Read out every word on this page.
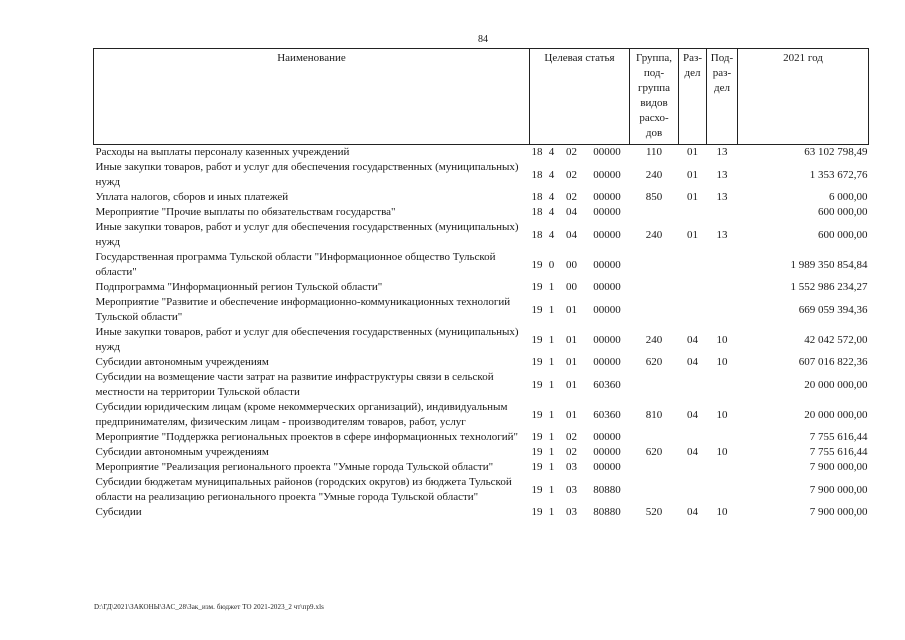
84
Наименование	Целевая статья				Группа, под- группа видов расхо- дов	Раз- дел	Под- раз- дел	2021 год
Расходы на выплаты персоналу казенных учреждений	18	4	02	00000	110	01	13	63 102 798,49
Иные закупки товаров, работ и услуг для обеспечения государственных (муниципальных) нужд	18	4	02	00000	240	01	13	1 353 672,76
Уплата налогов, сборов и иных платежей	18	4	02	00000	850	01	13	6 000,00
Мероприятие "Прочие выплаты по обязательствам государства"	18	4	04	00000				600 000,00
Иные закупки товаров, работ и услуг для обеспечения государственных (муниципальных) нужд	18	4	04	00000	240	01	13	600 000,00
Государственная программа Тульской области "Информационное общество Тульской области"	19	0	00	00000				1 989 350 854,84
Подпрограмма "Информационный регион Тульской области"	19	1	00	00000				1 552 986 234,27
Мероприятие "Развитие и обеспечение информационно-коммуникационных технологий Тульской области"	19	1	01	00000				669 059 394,36
Иные закупки товаров, работ и услуг для обеспечения государственных (муниципальных) нужд	19	1	01	00000	240	04	10	42 042 572,00
Субсидии автономным учреждениям	19	1	01	00000	620	04	10	607 016 822,36
Субсидии на возмещение части затрат на развитие инфраструктуры связи в сельской местности на территории Тульской области	19	1	01	60360				20 000 000,00
Субсидии юридическим лицам (кроме некоммерческих организаций), индивидуальным предпринимателям, физическим лицам - производителям товаров, работ, услуг	19	1	01	60360	810	04	10	20 000 000,00
Мероприятие "Поддержка региональных проектов в сфере информационных технологий"	19	1	02	00000				7 755 616,44
Субсидии автономным учреждениям	19	1	02	00000	620	04	10	7 755 616,44
Мероприятие "Реализация регионального проекта "Умные города Тульской области"	19	1	03	00000				7 900 000,00
Субсидии бюджетам муниципальных районов (городских округов) из бюджета Тульской области на реализацию регионального проекта "Умные города Тульской области"	19	1	03	80880				7 900 000,00
Субсидии	19	1	03	80880	520	04	10	7 900 000,00
D:\ГД\2021\ЗАКОНЫ\ЗАС_28\Зак_изм. бюджет ТО 2021-2023_2 чт\пр9.xls
